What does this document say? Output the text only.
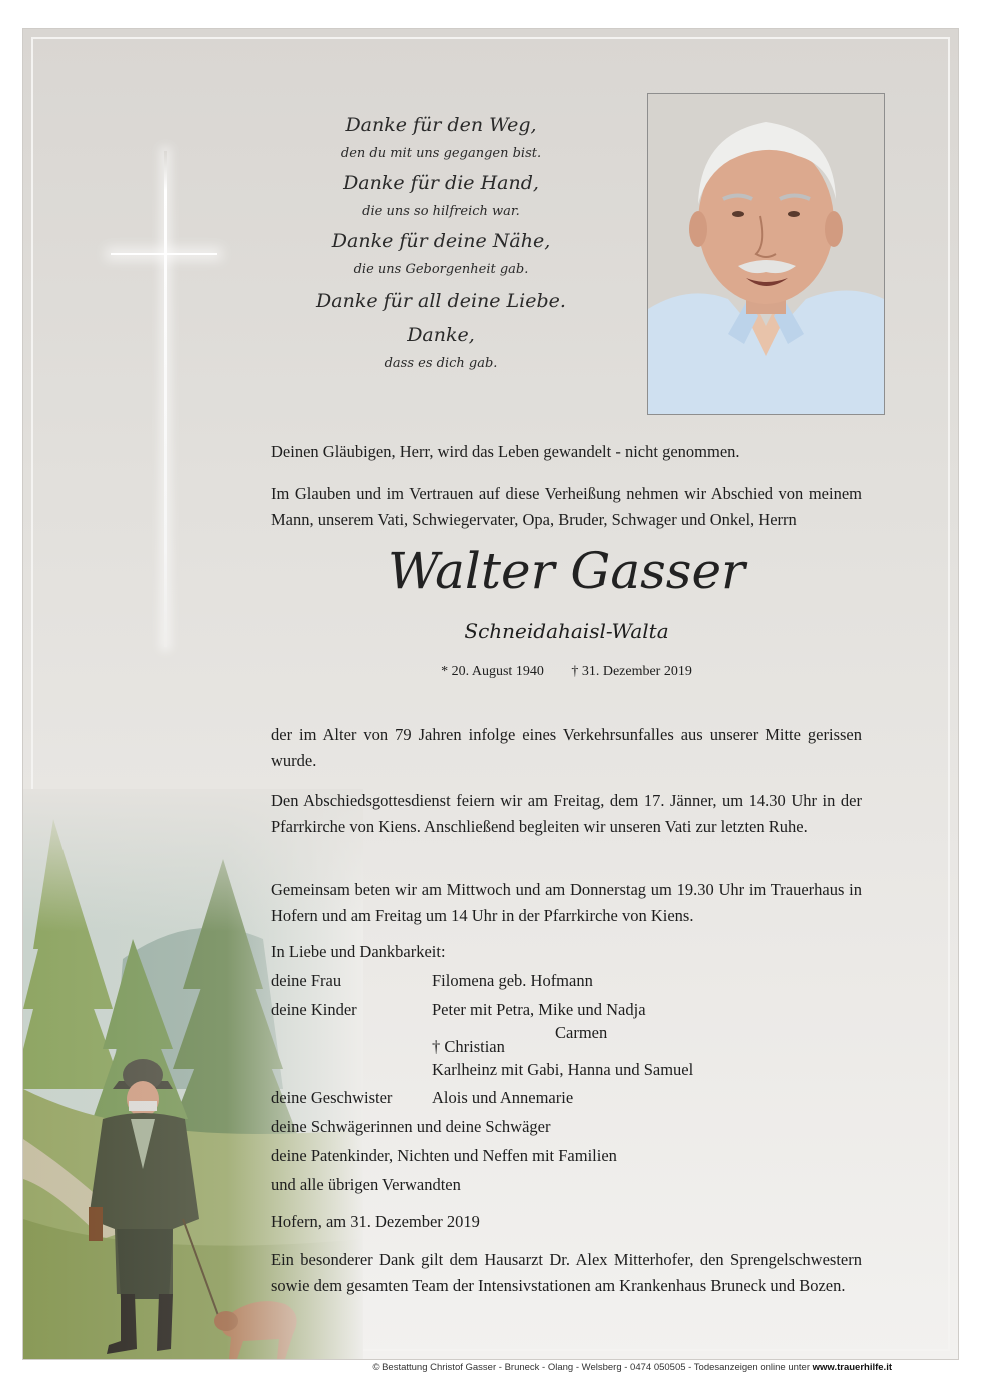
Danke für den Weg,
den du mit uns gegangen bist.
Danke für die Hand,
die uns so hilfreich war.
Danke für deine Nähe,
die uns Geborgenheit gab.
Danke für all deine Liebe.
Danke,
dass es dich gab.
Deinen Gläubigen, Herr, wird das Leben gewandelt - nicht genommen.
Im Glauben und im Vertrauen auf diese Verheißung nehmen wir Abschied von meinem Mann, unserem Vati, Schwiegervater, Opa, Bruder, Schwager und Onkel, Herrn
Walter Gasser
Schneidahaisl-Walta
* 20. August 1940 † 31. Dezember 2019
der im Alter von 79 Jahren infolge eines Verkehrsunfalles aus unserer Mitte gerissen wurde.
Den Abschiedsgottesdienst feiern wir am Freitag, dem 17. Jänner, um 14.30 Uhr in der Pfarrkirche von Kiens. Anschließend begleiten wir unseren Vati zur letzten Ruhe.
Gemeinsam beten wir am Mittwoch und am Donnerstag um 19.30 Uhr im Trauerhaus in Hofern und am Freitag um 14 Uhr in der Pfarrkirche von Kiens.
In Liebe und Dankbarkeit:
deine Frau	Filomena geb. Hofmann
deine Kinder	Peter mit Petra, Mike und Nadja
Carmen
† Christian
Karlheinz mit Gabi, Hanna und Samuel
deine Geschwister Alois und Annemarie
deine Schwägerinnen und deine Schwäger
deine Patenkinder, Nichten und Neffen mit Familien
und alle übrigen Verwandten
Hofern, am 31. Dezember 2019
Ein besonderer Dank gilt dem Hausarzt Dr. Alex Mitterhofer, den Sprengelschwestern sowie dem gesamten Team der Intensivstationen am Krankenhaus Bruneck und Bozen.
© Bestattung Christof Gasser - Bruneck - Olang - Welsberg - 0474 050505 - Todesanzeigen online unter www.trauerhilfe.it
